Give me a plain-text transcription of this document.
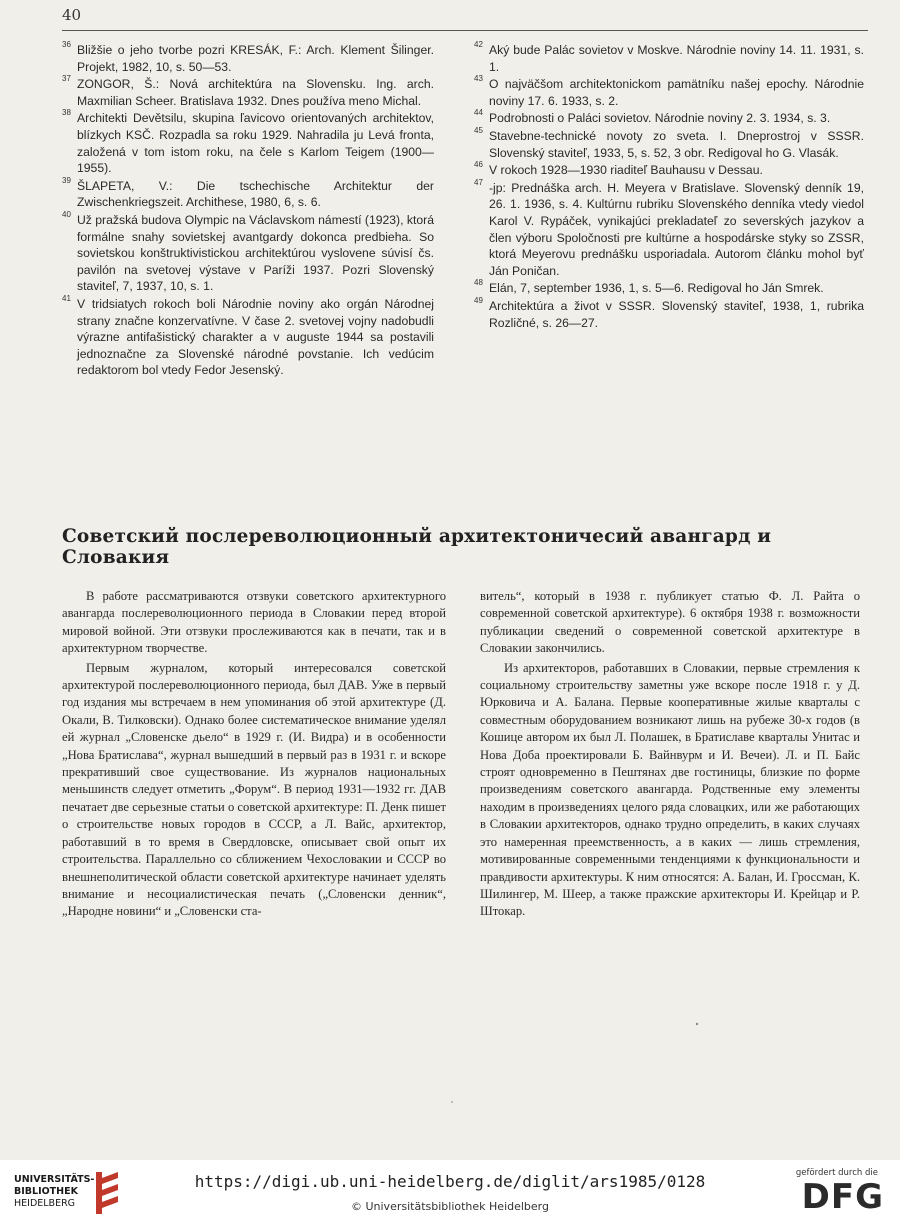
40
36 Bližšie o jeho tvorbe pozri KRESÁK, F.: Arch. Klement Šilinger. Projekt, 1982, 10, s. 50—53.
37 ZONGOR, Š.: Nová architektúra na Slovensku. Ing. arch. Maxmilian Scheer. Bratislava 1932. Dnes používa meno Michal.
38 Architekti Devětsilu, skupina ľavicovo orientovaných architektov, blízkych KSČ. Rozpadla sa roku 1929. Nahradila ju Levá fronta, založená v tom istom roku, na čele s Karlom Teigem (1900—1955).
39 ŠLAPETA, V.: Die tschechische Architektur der Zwischenkriegszeit. Archithese, 1980, 6, s. 6.
40 Už pražská budova Olympic na Václavskom námestí (1923), ktorá formálne snahy sovietskej avantgardy dokonca predbieha. So sovietskou konštruktivistickou architektúrou vyslovene súvisí čs. pavilón na svetovej výstave v Paríži 1937. Pozri Slovenský staviteľ, 7, 1937, 10, s. 1.
41 V tridsiatych rokoch boli Národnie noviny ako orgán Národnej strany značne konzervatívne. V čase 2. svetovej vojny nadobudli výrazne antifašistický charakter a v auguste 1944 sa postavili jednoznačne za Slovenské národné povstanie. Ich vedúcim redaktorom bol vtedy Fedor Jesenský.
42 Aký bude Palác sovietov v Moskve. Národnie noviny 14. 11. 1931, s. 1.
43 O najväčšom architektonickom pamätníku našej epochy. Národnie noviny 17. 6. 1933, s. 2.
44 Podrobnosti o Paláci sovietov. Národnie noviny 2. 3. 1934, s. 3.
45 Stavebne-technické novoty zo sveta. I. Dneprostroj v SSSR. Slovenský staviteľ, 1933, 5, s. 52, 3 obr. Redigoval ho G. Vlasák.
46 V rokoch 1928—1930 riaditeľ Bauhausu v Dessau.
47 -jp: Prednáška arch. H. Meyera v Bratislave. Slovenský denník 19, 26. 1. 1936, s. 4. Kultúrnu rubriku Slovenského denníka vtedy viedol Karol V. Rypáček, vynikajúci prekladateľ zo severských jazykov a člen výboru Spoločnosti pre kultúrne a hospodárske styky so ZSSR, ktorá Meyerovu prednášku usporiadala. Autorom článku mohol byť Ján Poničan.
48 Elán, 7, september 1936, 1, s. 5—6. Redigoval ho Ján Smrek.
49 Architektúra a život v SSSR. Slovenský staviteľ, 1938, 1, rubrika Rozličné, s. 26—27.
Советский послереволюционный архитектоничесий авангард и Словакия

В работе рассматриваются отзвуки советского архитектурного авангарда послереволюционного периода в Словакии перед второй мировой войной. Эти отзвуки прослеживаются как в печати, так и в архитектурном творчестве.

Первым журналом, который интересовался советской архитектурой послереволюционного периода, был ДАВ. Уже в первый год издания мы встречаем в нем упоминания об этой архитектуре (Д. Окали, В. Тилковски). Однако более систематическое внимание уделял ей журнал „Словенске дьело“ в 1929 г. (И. Видра) и в особенности „Нова Братислава“, журнал вышедший в первый раз в 1931 г. и вскоре прекративший свое существование. Из журналов национальных меньшинств следует отметить „Форум“. В период 1931—1932 гг. ДАВ печатает две серьезные статьи о советской архитектуре: П. Денк пишет о строительстве новых городов в СССР, а Л. Вайс, архитектор, работавший в то время в Свердловске, описывает свой опыт их строительства. Параллельно со сближением Чехословакии и СССР во внешнеполитической области советской архитектуре начинает уделять внимание и несоциалистическая печать („Словенски денник“, „Народне новини“ и „Словенски ста-

витель“, который в 1938 г. публикует статью Ф. Л. Райта о современной советской архитектуре). 6 октября 1938 г. возможности публикации сведений о современной советской архитектуре в Словакии закончились.

Из архитекторов, работавших в Словакии, первые стремления к социальному строительству заметны уже вскоре после 1918 г. у Д. Юрковича и А. Балана. Первые кооперативные жилые кварталы с совместным оборудованием возникают лишь на рубеже 30-х годов (в Кошице автором их был Л. Полашек, в Братиславе кварталы Унитас и Нова Доба проектировали Б. Вайнвурм и И. Вечеи). Л. и П. Байс строят одновременно в Пештянах две гостиницы, близкие по форме произведениям советского авангарда. Родственные ему элементы находим в произведениях целого ряда словацких, или же работающих в Словакии архитекторов, однако трудно определить, в каких случаях это намеренная преемственность, а в каких — лишь стремления, мотивированные современными тенденциями к функциональности и правдивости архитектуры. К ним относятся: А. Балан, И. Гроссман, К. Шилингер, М. Шеер, а также пражские архитекторы И. Крейцар и Р. Штокар.

UNIVERSITÄTS-
BIBLIOTHEK
HEIDELBERG
https://digi.ub.uni-heidelberg.de/diglit/ars1985/0128
© Universitätsbibliothek Heidelberg
gefördert durch die
DFG
